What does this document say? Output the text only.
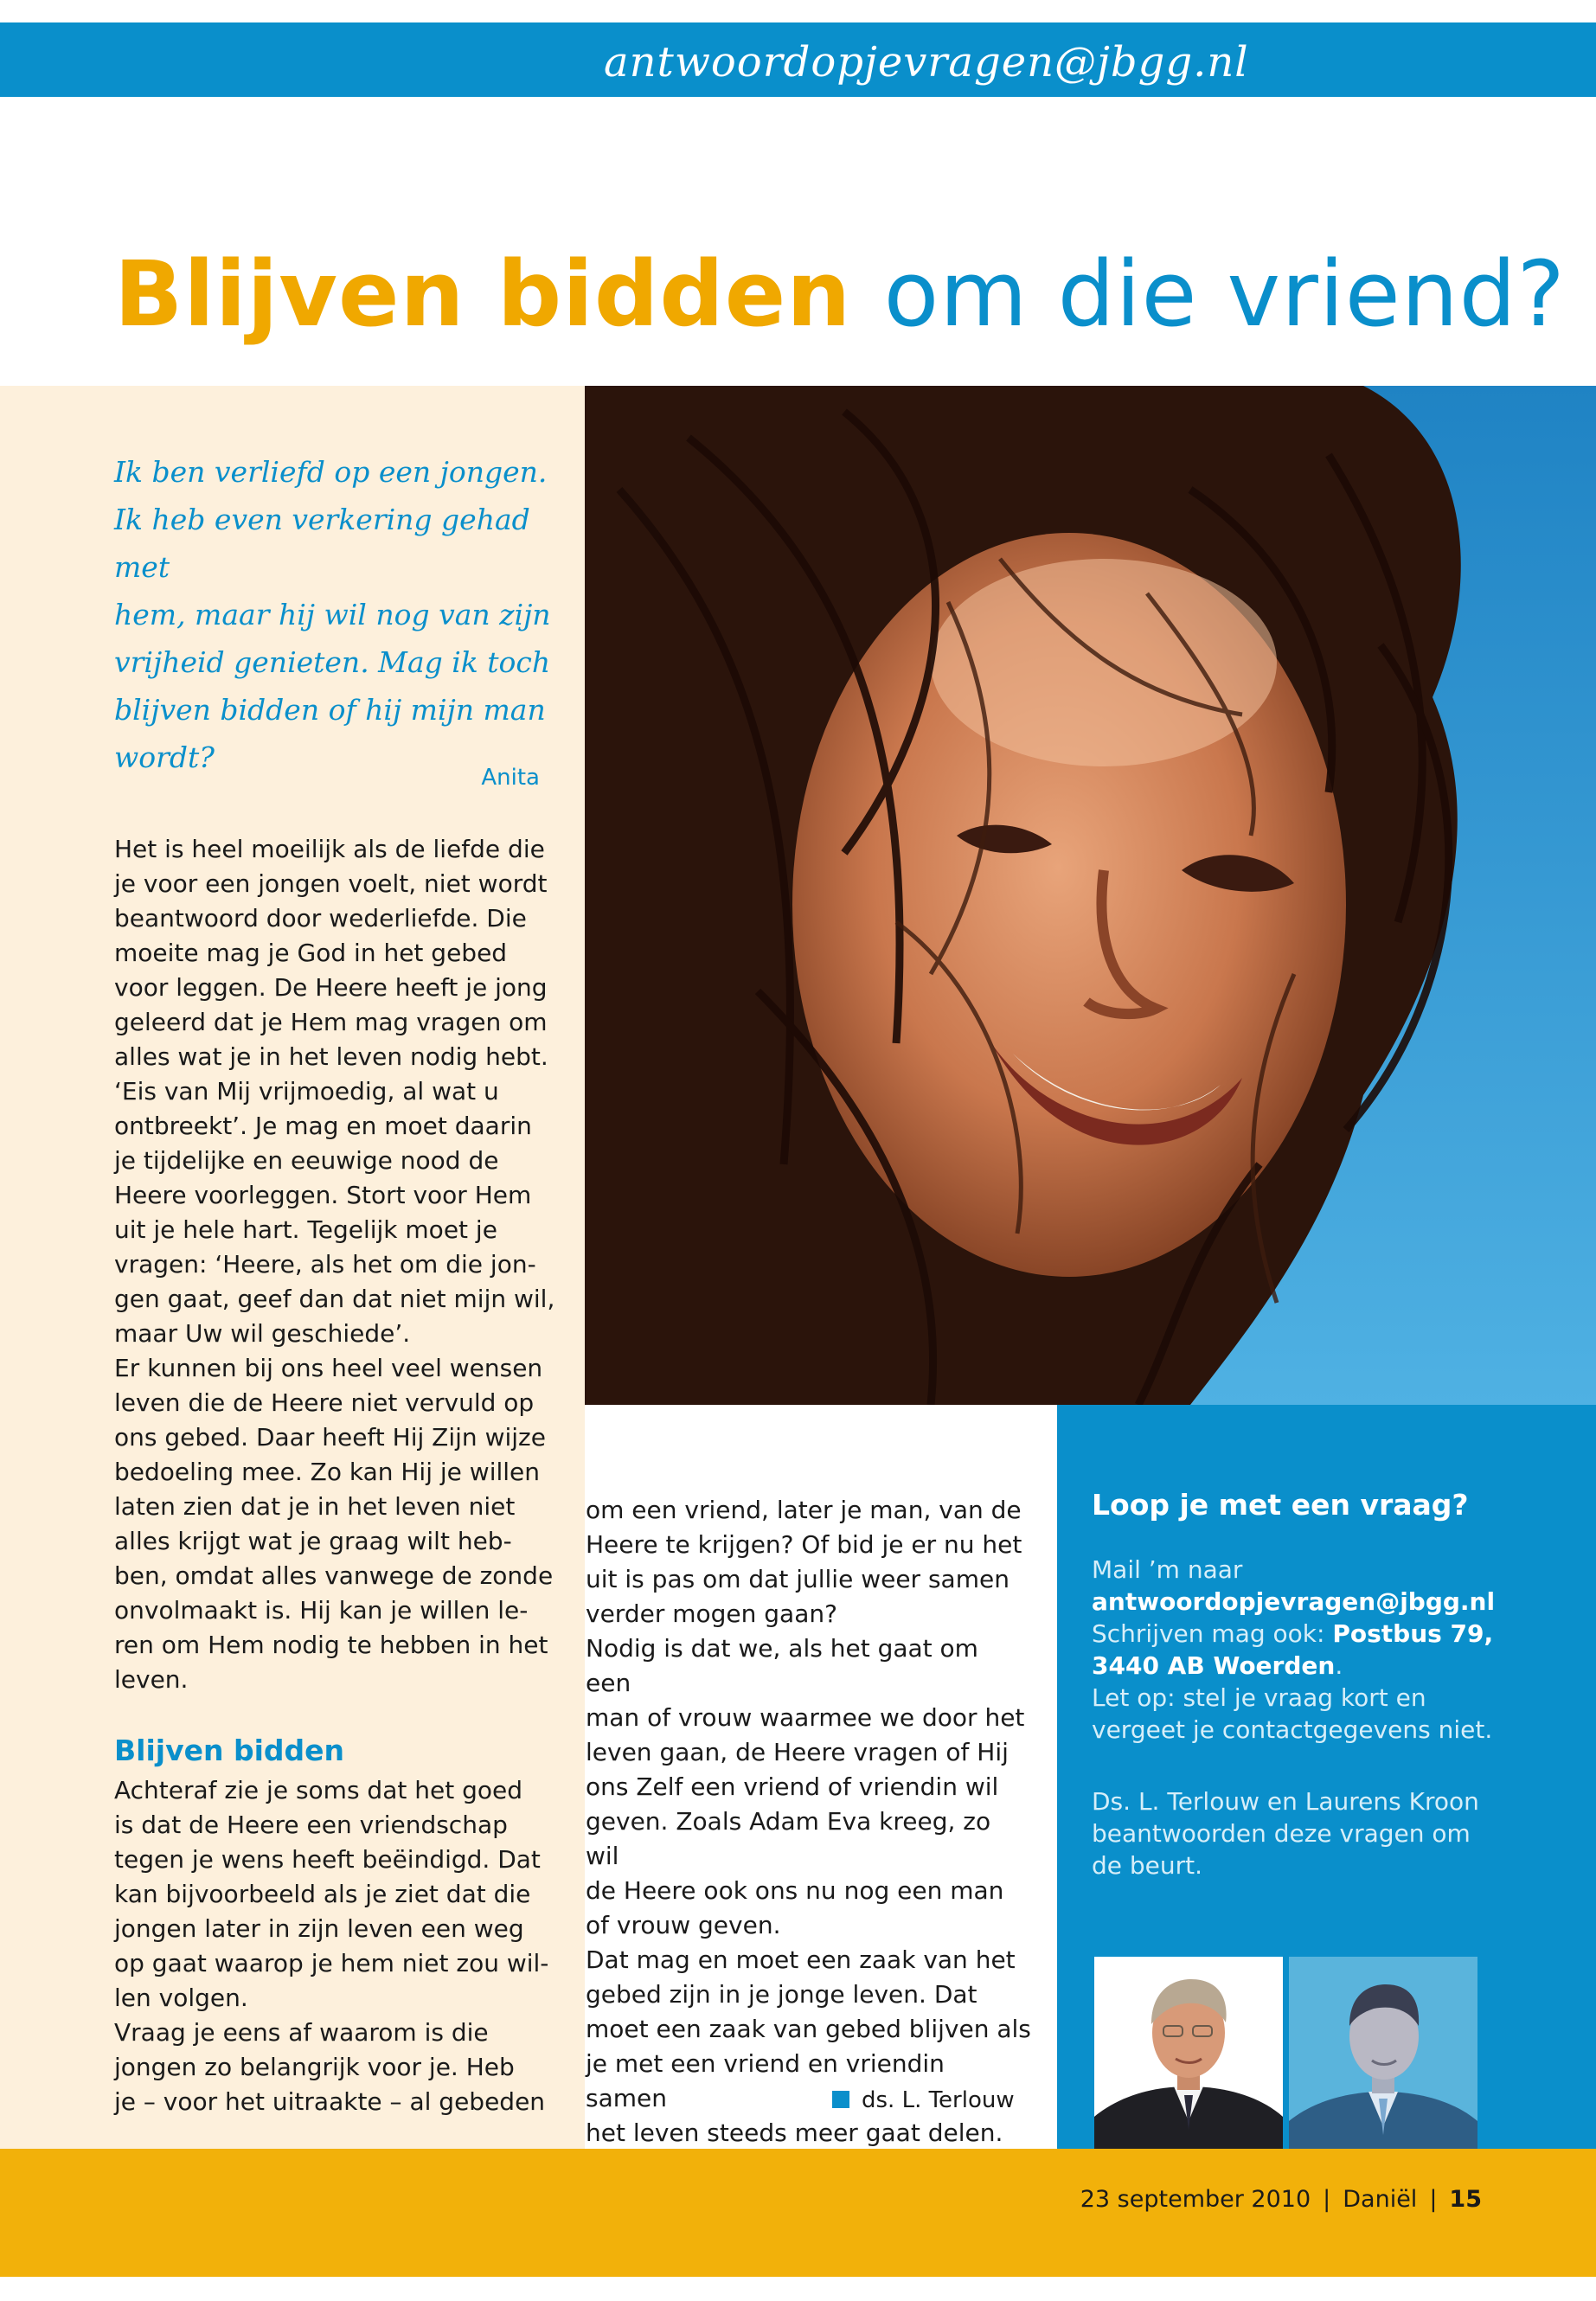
antwoordopjevragen@jbgg.nl
Blijven bidden om die vriend?
Ik ben verliefd op een jongen.
Ik heb even verkering gehad met
hem, maar hij wil nog van zijn
vrijheid genieten. Mag ik toch
blijven bidden of hij mijn man
wordt?
Anita
Het is heel moeilijk als de liefde die
je voor een jongen voelt, niet wordt
beantwoord door wederliefde. Die
moeite mag je God in het gebed
voor leggen. De Heere heeft je jong
geleerd dat je Hem mag vragen om
alles wat je in het leven nodig hebt.
‘Eis van Mij vrijmoedig, al wat u
ontbreekt’. Je mag en moet daarin
je tijdelijke en eeuwige nood de
Heere voorleggen. Stort voor Hem
uit je hele hart. Tegelijk moet je
vragen: ‘Heere, als het om die jon-
gen gaat, geef dan dat niet mijn wil,
maar Uw wil geschiede’.
Er kunnen bij ons heel veel wensen
leven die de Heere niet vervuld op
ons gebed. Daar heeft Hij Zijn wijze
bedoeling mee. Zo kan Hij je willen
laten zien dat je in het leven niet
alles krijgt wat je graag wilt heb-
ben, omdat alles vanwege de zonde
onvolmaakt is. Hij kan je willen le-
ren om Hem nodig te hebben in het
leven.
Blijven bidden
Achteraf zie je soms dat het goed
is dat de Heere een vriendschap
tegen je wens heeft beëindigd. Dat
kan bijvoorbeeld als je ziet dat die
jongen later in zijn leven een weg
op gaat waarop je hem niet zou wil-
len volgen.
Vraag je eens af waarom is die
jongen zo belangrijk voor je. Heb
je – voor het uitraakte – al gebeden
om een vriend, later je man, van de
Heere te krijgen? Of bid je er nu het
uit is pas om dat jullie weer samen
verder mogen gaan?
Nodig is dat we, als het gaat om een
man of vrouw waarmee we door het
leven gaan, de Heere vragen of Hij
ons Zelf een vriend of vriendin wil
geven. Zoals Adam Eva kreeg, zo wil
de Heere ook ons nu nog een man
of vrouw geven.
Dat mag en moet een zaak van het
gebed zijn in je jonge leven. Dat
moet een zaak van gebed blijven als
je met een vriend en vriendin samen
het leven steeds meer gaat delen.
ds. L. Terlouw
Loop je met een vraag?

Mail ’m naar

antwoordopjevragen@jbgg.nl

Schrijven mag ook: Postbus 79,

3440 AB Woerden.

Let op: stel je vraag kort en

vergeet je contactgegevens niet.

Ds. L. Terlouw en Laurens Kroon

beantwoorden deze vragen om

de beurt.

23 september 2010 | Daniël | 15
